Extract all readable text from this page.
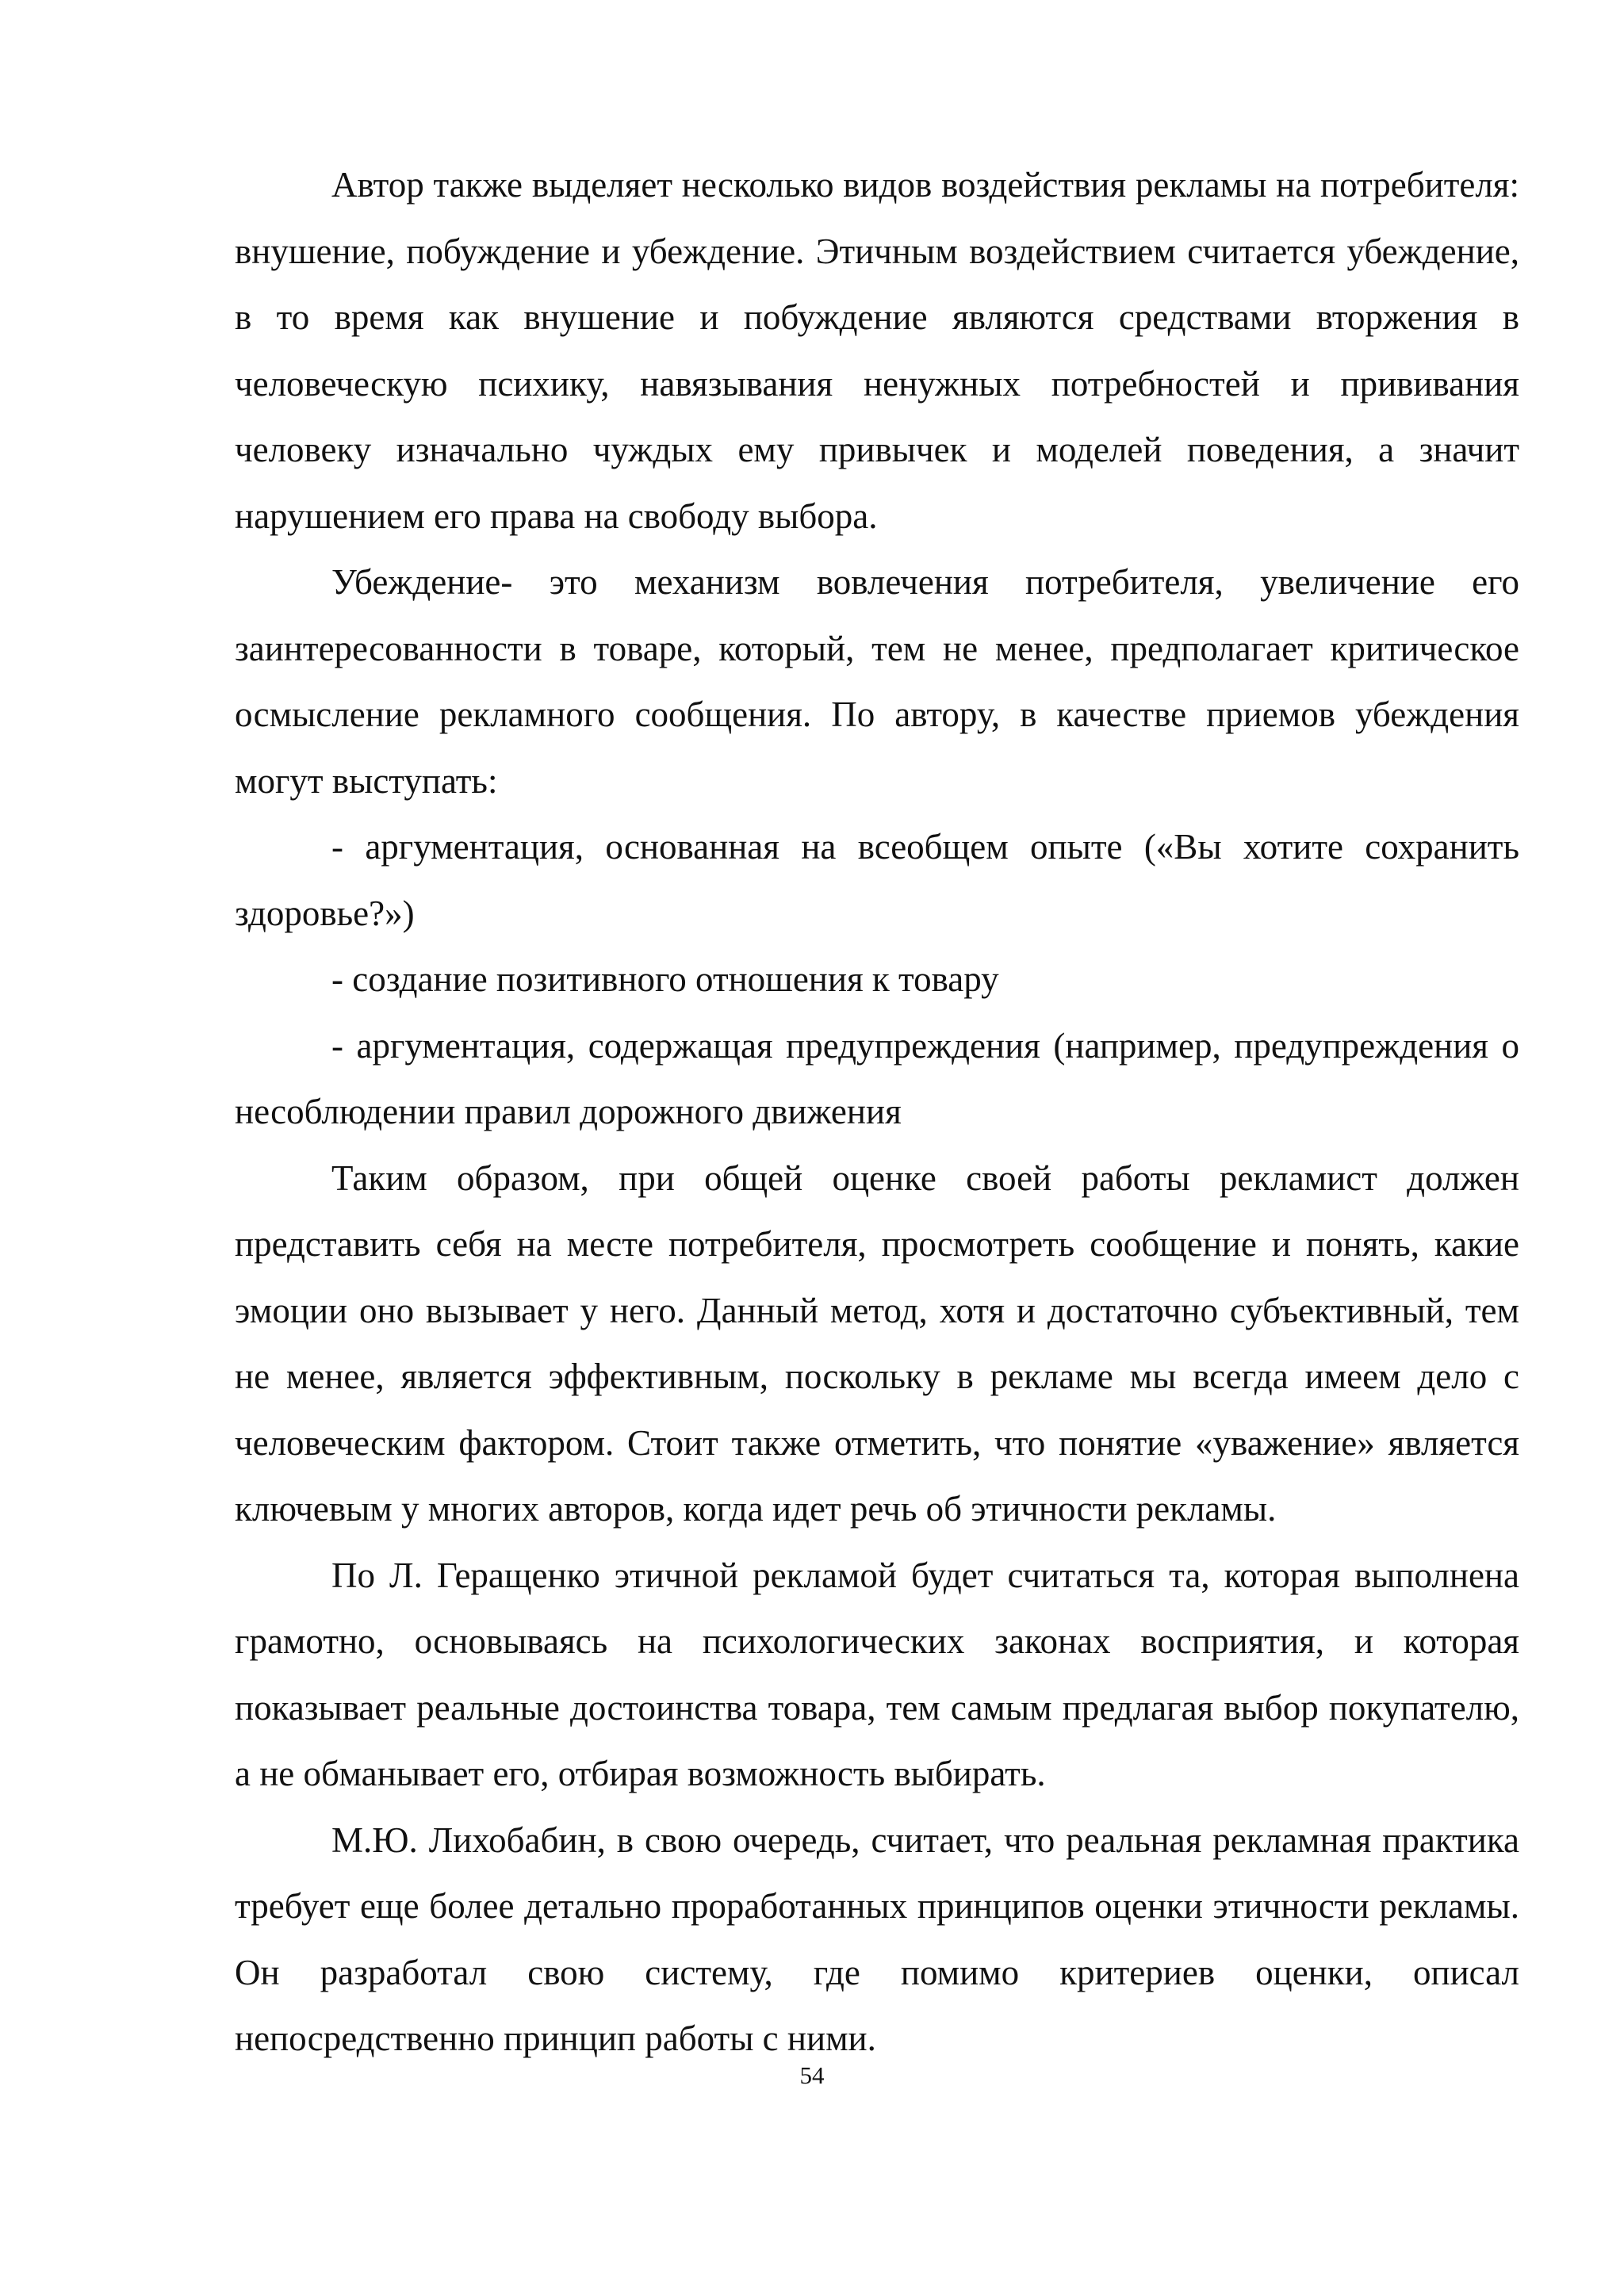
Автор также выделяет несколько видов воздействия рекламы на потребителя: внушение, побуждение и убеждение. Этичным воздействием считается убеждение, в то время как внушение и побуждение являются средствами вторжения в человеческую психику, навязывания ненужных потребностей и прививания человеку изначально чуждых ему привычек и моделей поведения, а значит нарушением его права на свободу выбора.

Убеждение- это механизм вовлечения потребителя, увеличение его заинтересованности в товаре, который, тем не менее, предполагает критическое осмысление рекламного сообщения. По автору, в качестве приемов убеждения могут выступать:

- аргументация, основанная на всеобщем опыте («Вы хотите сохранить здоровье?»)

- создание позитивного отношения к товару

- аргументация, содержащая предупреждения (например, предупреждения о несоблюдении правил дорожного движения

Таким образом, при общей оценке своей работы рекламист должен представить себя на месте потребителя, просмотреть сообщение и понять, какие эмоции оно вызывает у него. Данный метод, хотя и достаточно субъективный, тем не менее, является эффективным, поскольку в рекламе мы всегда имеем дело с человеческим фактором. Стоит также отметить, что понятие «уважение» является ключевым у многих авторов, когда идет речь об этичности рекламы.

По Л. Геращенко этичной рекламой будет считаться та, которая выполнена грамотно, основываясь на психологических законах восприятия, и которая показывает реальные достоинства товара, тем самым предлагая выбор покупателю, а не обманывает его, отбирая возможность выбирать.

М.Ю. Лихобабин, в свою очередь, считает, что реальная рекламная практика требует еще более детально проработанных принципов оценки этичности рекламы. Он разработал свою систему, где помимо критериев оценки, описал непосредственно принцип работы с ними.

54
